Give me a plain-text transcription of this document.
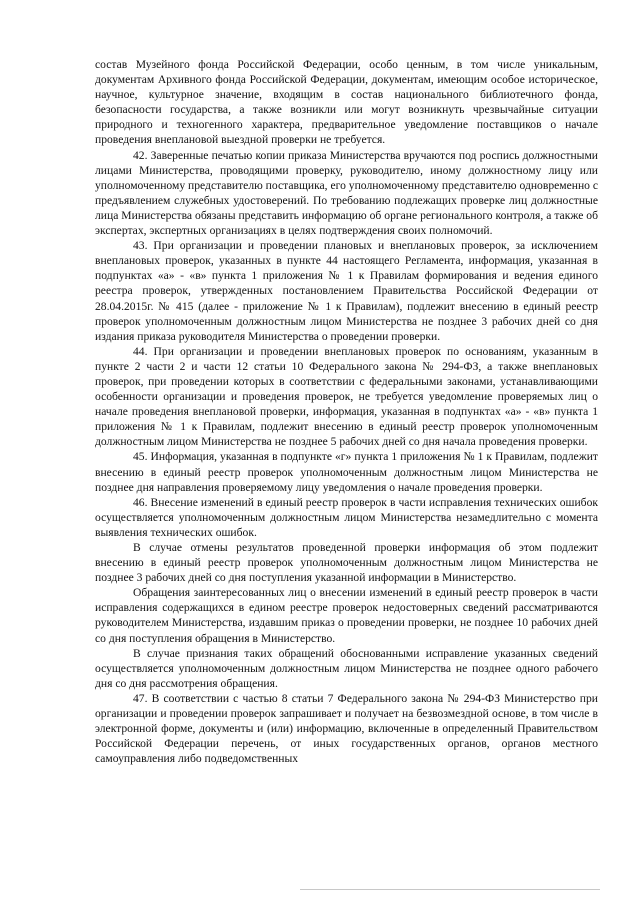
состав Музейного фонда Российской Федерации, особо ценным, в том числе уникальным, документам Архивного фонда Российской Федерации, документам, имеющим особое историческое, научное, культурное значение, входящим в состав национального библиотечного фонда, безопасности государства, а также возникли или могут возникнуть чрезвычайные ситуации природного и техногенного характера, предварительное уведомление поставщиков о начале проведения внеплановой выездной проверки не требуется.

42. Заверенные печатью копии приказа Министерства вручаются под роспись должностными лицами Министерства, проводящими проверку, руководителю, иному должностному лицу или уполномоченному представителю поставщика, его уполномоченному представителю одновременно с предъявлением служебных удостоверений. По требованию подлежащих проверке лиц должностные лица Министерства обязаны представить информацию об органе регионального контроля, а также об экспертах, экспертных организациях в целях подтверждения своих полномочий.

43. При организации и проведении плановых и внеплановых проверок, за исключением внеплановых проверок, указанных в пункте 44 настоящего Регламента, информация, указанная в подпунктах «а» - «в» пункта 1 приложения № 1 к Правилам формирования и ведения единого реестра проверок, утвержденных постановлением Правительства Российской Федерации от 28.04.2015г. № 415 (далее - приложение № 1 к Правилам), подлежит внесению в единый реестр проверок уполномоченным должностным лицом Министерства не позднее 3 рабочих дней со дня издания приказа руководителя Министерства о проведении проверки.

44. При организации и проведении внеплановых проверок по основаниям, указанным в пункте 2 части 2 и части 12 статьи 10 Федерального закона № 294-ФЗ, а также внеплановых проверок, при проведении которых в соответствии с федеральными законами, устанавливающими особенности организации и проведения проверок, не требуется уведомление проверяемых лиц о начале проведения внеплановой проверки, информация, указанная в подпунктах «а» - «в» пункта 1 приложения № 1 к Правилам, подлежит внесению в единый реестр проверок уполномоченным должностным лицом Министерства не позднее 5 рабочих дней со дня начала проведения проверки.

45. Информация, указанная в подпункте «г» пункта 1 приложения № 1 к Правилам, подлежит внесению в единый реестр проверок уполномоченным должностным лицом Министерства не позднее дня направления проверяемому лицу уведомления о начале проведения проверки.

46. Внесение изменений в единый реестр проверок в части исправления технических ошибок осуществляется уполномоченным должностным лицом Министерства незамедлительно с момента выявления технических ошибок.

В случае отмены результатов проведенной проверки информация об этом подлежит внесению в единый реестр проверок уполномоченным должностным лицом Министерства не позднее 3 рабочих дней со дня поступления указанной информации в Министерство.

Обращения заинтересованных лиц о внесении изменений в единый реестр проверок в части исправления содержащихся в едином реестре проверок недостоверных сведений рассматриваются руководителем Министерства, издавшим приказ о проведении проверки, не позднее 10 рабочих дней со дня поступления обращения в Министерство.

В случае признания таких обращений обоснованными исправление указанных сведений осуществляется уполномоченным должностным лицом Министерства не позднее одного рабочего дня со дня рассмотрения обращения.

47. В соответствии с частью 8 статьи 7 Федерального закона № 294-ФЗ Министерство при организации и проведении проверок запрашивает и получает на безвозмездной основе, в том числе в электронной форме, документы и (или) информацию, включенные в определенный Правительством Российской Федерации перечень, от иных государственных органов, органов местного самоуправления либо подведомственных
